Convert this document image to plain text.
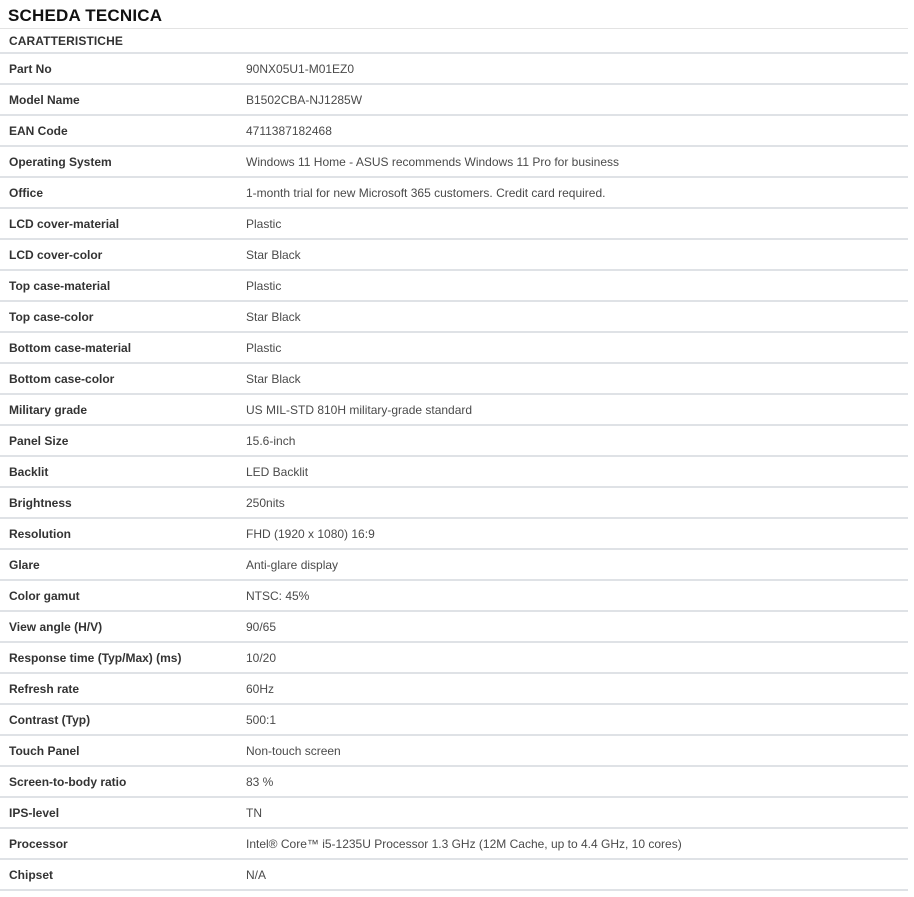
SCHEDA TECNICA
CARATTERISTICHE
Part No	90NX05U1-M01EZ0
Model Name	B1502CBA-NJ1285W
EAN Code	4711387182468
Operating System	Windows 11 Home - ASUS recommends Windows 11 Pro for business
Office	1-month trial for new Microsoft 365 customers. Credit card required.
LCD cover-material	Plastic
LCD cover-color	Star Black
Top case-material	Plastic
Top case-color	Star Black
Bottom case-material	Plastic
Bottom case-color	Star Black
Military grade	US MIL-STD 810H military-grade standard
Panel Size	15.6-inch
Backlit	LED Backlit
Brightness	250nits
Resolution	FHD (1920 x 1080) 16:9
Glare	Anti-glare display
Color gamut	NTSC: 45%
View angle (H/V)	90/65
Response time (Typ/Max) (ms)	10/20
Refresh rate	60Hz
Contrast (Typ)	500:1
Touch Panel	Non-touch screen
Screen-to-body ratio	83 %
IPS-level	TN
Processor	Intel® Core™ i5-1235U Processor 1.3 GHz (12M Cache, up to 4.4 GHz, 10 cores)
Chipset	N/A
